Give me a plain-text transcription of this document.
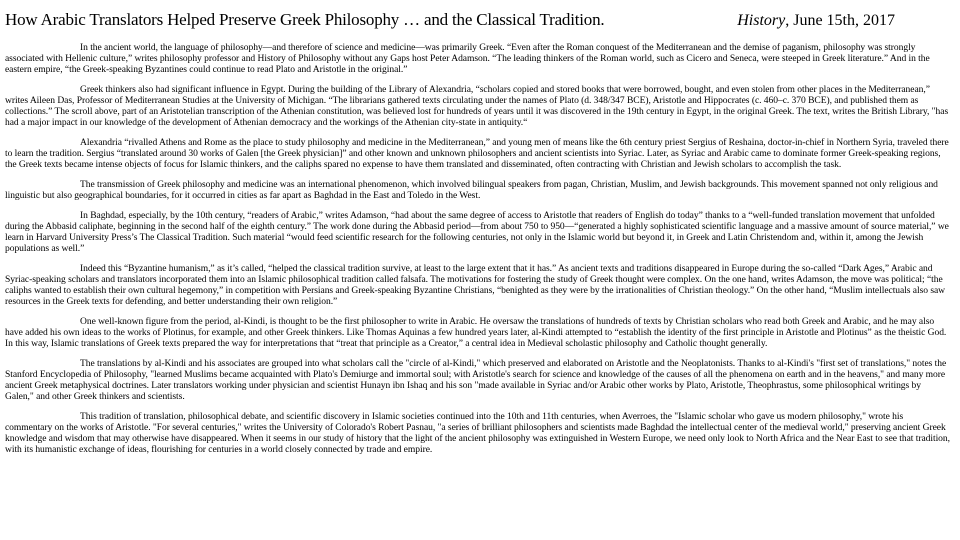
How Arabic Translators Helped Preserve Greek Philosophy … and the Classical Tradition.	History, June 15th, 2017

In the ancient world, the language of philosophy—and therefore of science and medicine—was primarily Greek. “Even after the Roman conquest of the Mediterranean and the demise of paganism, philosophy was strongly associated with Hellenic culture,” writes philosophy professor and History of Philosophy without any Gaps host Peter Adamson. “The leading thinkers of the Roman world, such as Cicero and Seneca, were steeped in Greek literature.” And in the eastern empire, “the Greek-speaking Byzantines could continue to read Plato and Aristotle in the original.”

Greek thinkers also had significant influence in Egypt. During the building of the Library of Alexandria, “scholars copied and stored books that were borrowed, bought, and even stolen from other places in the Mediterranean,” writes Aileen Das, Professor of Mediterranean Studies at the University of Michigan. “The librarians gathered texts circulating under the names of Plato (d. 348/347 BCE), Aristotle and Hippocrates (c. 460–c. 370 BCE), and published them as collections.” The scroll above, part of an Aristotelian transcription of the Athenian constitution, was believed lost for hundreds of years until it was discovered in the 19th century in Egypt, in the original Greek. The text, writes the British Library, "has had a major impact in our knowledge of the development of Athenian democracy and the workings of the Athenian city-state in antiquity.“

Alexandria “rivalled Athens and Rome as the place to study philosophy and medicine in the Mediterranean,” and young men of means like the 6th century priest Sergius of Reshaina, doctor-in-chief in Northern Syria, traveled there to learn the tradition. Sergius “translated around 30 works of Galen [the Greek physician]” and other known and unknown philosophers and ancient scientists into Syriac. Later, as Syriac and Arabic came to dominate former Greek-speaking regions, the Greek texts became intense objects of focus for Islamic thinkers, and the caliphs spared no expense to have them translated and disseminated, often contracting with Christian and Jewish scholars to accomplish the task.

The transmission of Greek philosophy and medicine was an international phenomenon, which involved bilingual speakers from pagan, Christian, Muslim, and Jewish backgrounds. This movement spanned not only religious and linguistic but also geographical boundaries, for it occurred in cities as far apart as Baghdad in the East and Toledo in the West.

In Baghdad, especially, by the 10th century, “readers of Arabic,” writes Adamson, “had about the same degree of access to Aristotle that readers of English do today” thanks to a “well-funded translation movement that unfolded during the Abbasid caliphate, beginning in the second half of the eighth century.” The work done during the Abbasid period—from about 750 to 950—“generated a highly sophisticated scientific language and a massive amount of source material,” we learn in Harvard University Press’s The Classical Tradition. Such material “would feed scientific research for the following centuries, not only in the Islamic world but beyond it, in Greek and Latin Christendom and, within it, among the Jewish populations as well.”

Indeed this “Byzantine humanism,” as it’s called, “helped the classical tradition survive, at least to the large extent that it has.” As ancient texts and traditions disappeared in Europe during the so-called “Dark Ages,” Arabic and Syriac-speaking scholars and translators incorporated them into an Islamic philosophical tradition called falsafa. The motivations for fostering the study of Greek thought were complex. On the one hand, writes Adamson, the move was political; “the caliphs wanted to establish their own cultural hegemony,” in competition with Persians and Greek-speaking Byzantine Christians, “benighted as they were by the irrationalities of Christian theology.” On the other hand, “Muslim intellectuals also saw resources in the Greek texts for defending, and better understanding their own religion.”

One well-known figure from the period, al-Kindi, is thought to be the first philosopher to write in Arabic. He oversaw the translations of hundreds of texts by Christian scholars who read both Greek and Arabic, and he may also have added his own ideas to the works of Plotinus, for example, and other Greek thinkers. Like Thomas Aquinas a few hundred years later, al-Kindi attempted to “establish the identity of the first principle in Aristotle and Plotinus” as the theistic God. In this way, Islamic translations of Greek texts prepared the way for interpretations that “treat that principle as a Creator,” a central idea in Medieval scholastic philosophy and Catholic thought generally.

The translations by al-Kindi and his associates are grouped into what scholars call the "circle of al-Kindi," which preserved and elaborated on Aristotle and the Neoplatonists. Thanks to al-Kindi's "first set of translations," notes the Stanford Encyclopedia of Philosophy, "learned Muslims became acquainted with Plato's Demiurge and immortal soul; with Aristotle's search for science and knowledge of the causes of all the phenomena on earth and in the heavens," and many more ancient Greek metaphysical doctrines. Later translators working under physician and scientist Hunayn ibn Ishaq and his son "made available in Syriac and/or Arabic other works by Plato, Aristotle, Theophrastus, some philosophical writings by Galen," and other Greek thinkers and scientists.

This tradition of translation, philosophical debate, and scientific discovery in Islamic societies continued into the 10th and 11th centuries, when Averroes, the "Islamic scholar who gave us modern philosophy," wrote his commentary on the works of Aristotle. "For several centuries," writes the University of Colorado's Robert Pasnau, "a series of brilliant philosophers and scientists made Baghdad the intellectual center of the medieval world," preserving ancient Greek knowledge and wisdom that may otherwise have disappeared. When it seems in our study of history that the light of the ancient philosophy was extinguished in Western Europe, we need only look to North Africa and the Near East to see that tradition, with its humanistic exchange of ideas, flourishing for centuries in a world closely connected by trade and empire.
